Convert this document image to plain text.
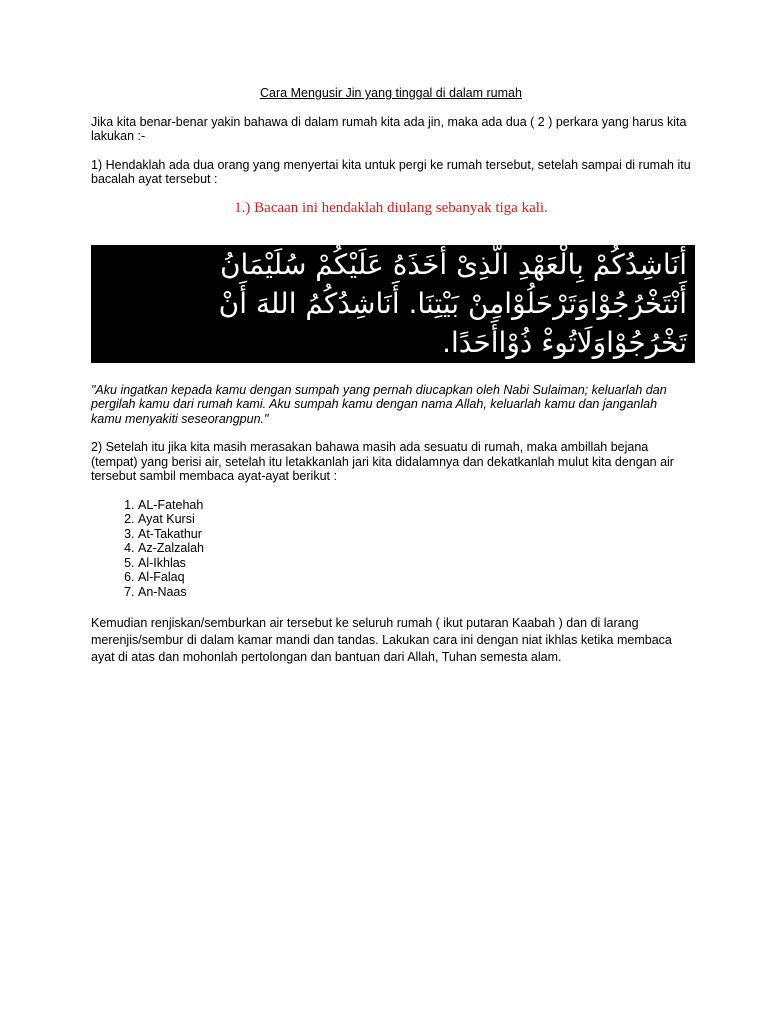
Cara Mengusir Jin yang tinggal di dalam rumah

Jika kita benar-benar yakin bahawa di dalam rumah kita ada jin, maka ada dua ( 2 ) perkara yang harus kita lakukan :-

1) Hendaklah ada dua orang yang menyertai kita untuk pergi ke rumah tersebut, setelah sampai di rumah itu bacalah ayat tersebut :

1.) Bacaan ini hendaklah diulang sebanyak tiga kali.

أَنَاشِدُكُمْ بِالْعَهْدِ الَّذِىْ أَخَذَهُ عَلَيْكُمْ سُلَيْمَانُ
أَنْتَخْرُجُوْاوَتَرْحَلُوْامِنْ بَيْتِنَا. أَنَاشِدُكُمُ اللهَ أَنْ
تَخْرُجُوْاوَلَاتُوءْ ذُوْاأَحَدًا.

"Aku ingatkan kepada kamu dengan sumpah yang pernah diucapkan oleh Nabi Sulaiman; keluarlah dan pergilah kamu dari rumah kami. Aku sumpah kamu dengan nama Allah, keluarlah kamu dan janganlah kamu menyakiti seseorangpun."

2) Setelah itu jika kita masih merasakan bahawa masih ada sesuatu di rumah, maka ambillah bejana (tempat) yang berisi air, setelah itu letakkanlah jari kita didalamnya dan dekatkanlah mulut kita dengan air tersebut sambil membaca ayat-ayat berikut :

1. AL-Fatehah
2. Ayat Kursi
3. At-Takathur
4. Az-Zalzalah
5. Al-Ikhlas
6. Al-Falaq
7. An-Naas

Kemudian renjiskan/semburkan air tersebut ke seluruh rumah ( ikut putaran Kaabah ) dan di larang merenjis/sembur di dalam kamar mandi dan tandas. Lakukan cara ini dengan niat ikhlas ketika membaca ayat di atas dan mohonlah pertolongan dan bantuan dari Allah, Tuhan semesta alam.
